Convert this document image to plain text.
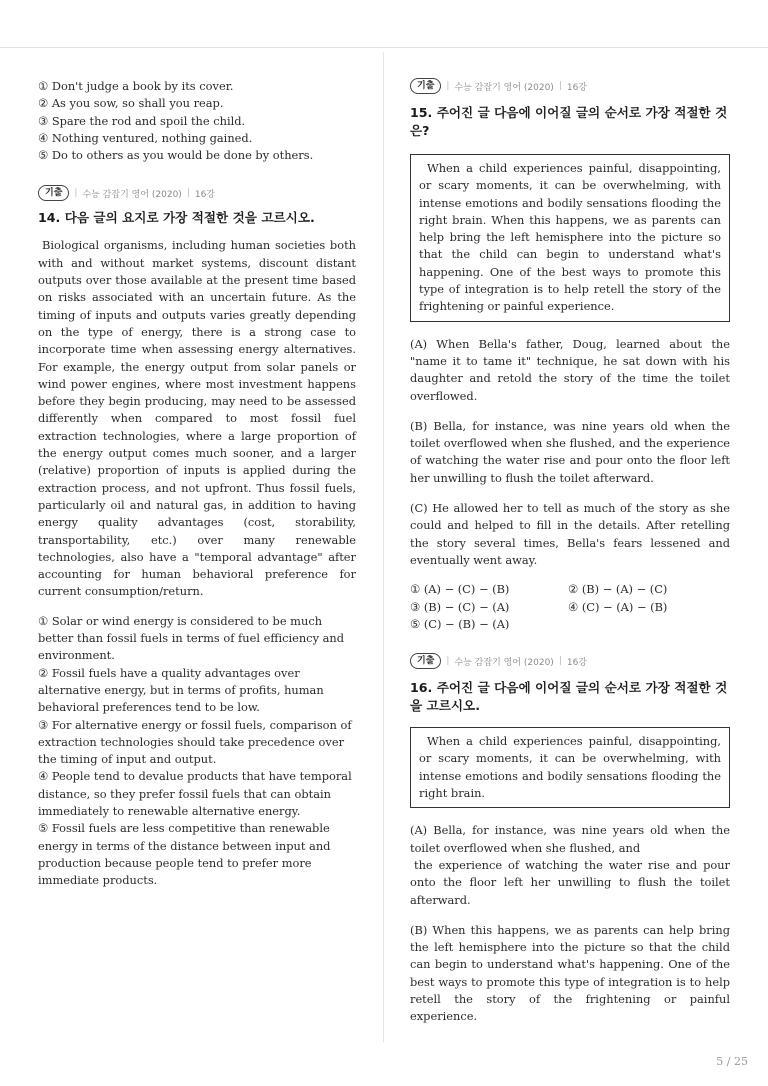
① Don't judge a book by its cover.

② As you sow, so shall you reap.

③ Spare the rod and spoil the child.

④ Nothing ventured, nothing gained.

⑤ Do to others as you would be done by others.

기출	| 수능 감잡기 영어 (2020) | 16강

14. 다음 글의 요지로 가장 적절한 것을 고르시오.

Biological organisms, including human societies both with and without market systems, discount distant outputs over those available at the present time based on risks associated with an uncertain future. As the timing of inputs and outputs varies greatly depending on the type of energy, there is a strong case to incorporate time when assessing energy alternatives. For example, the energy output from solar panels or wind power engines, where most investment happens before they begin producing, may need to be assessed differently when compared to most fossil fuel extraction technologies, where a large proportion of the energy output comes much sooner, and a larger (relative) proportion of inputs is applied during the extraction process, and not upfront. Thus fossil fuels, particularly oil and natural gas, in addition to having energy quality advantages (cost, storability, transportability, etc.) over many renewable technologies, also have a "temporal advantage" after accounting for human behavioral preference for current consumption/return.

① Solar or wind energy is considered to be much better than fossil fuels in terms of fuel efficiency and environment.

② Fossil fuels have a quality advantages over alternative energy, but in terms of profits, human behavioral preferences tend to be low.

③ For alternative energy or fossil fuels, comparison of extraction technologies should take precedence over the timing of input and output.

④ People tend to devalue products that have temporal distance, so they prefer fossil fuels that can obtain immediately to renewable alternative energy.

⑤ Fossil fuels are less competitive than renewable energy in terms of the distance between input and production because people tend to prefer more immediate products.

기출	| 수능 감잡기 영어 (2020) | 16강

15. 주어진 글 다음에 이어질 글의 순서로 가장 적절한 것은?

When a child experiences painful, disappointing, or scary moments, it can be overwhelming, with intense emotions and bodily sensations flooding the right brain. When this happens, we as parents can help bring the left hemisphere into the picture so that the child can begin to understand what's happening. One of the best ways to promote this type of integration is to help retell the story of the frightening or painful experience.

(A) When Bella's father, Doug, learned about the "name it to tame it" technique, he sat down with his daughter and retold the story of the time the toilet overflowed.

(B) Bella, for instance, was nine years old when the toilet overflowed when she flushed, and the experience of watching the water rise and pour onto the floor left her unwilling to flush the toilet afterward.

(C) He allowed her to tell as much of the story as she could and helped to fill in the details. After retelling the story several times, Bella's fears lessened and eventually went away.

① (A) − (C) − (B)	② (B) − (A) − (C)
③ (B) − (C) − (A)	④ (C) − (A) − (B)
⑤ (C) − (B) − (A)
기출	| 수능 감잡기 영어 (2020) | 16강

16. 주어진 글 다음에 이어질 글의 순서로 가장 적절한 것을 고르시오.

When a child experiences painful, disappointing, or scary moments, it can be overwhelming, with intense emotions and bodily sensations flooding the right brain.

(A) Bella, for instance, was nine years old when the toilet overflowed when she flushed, and

the experience of watching the water rise and pour onto the floor left her unwilling to flush the toilet afterward.

(B) When this happens, we as parents can help bring the left hemisphere into the picture so that the child can begin to understand what's happening. One of the best ways to promote this type of integration is to help retell the story of the frightening or painful experience.

5 / 25
